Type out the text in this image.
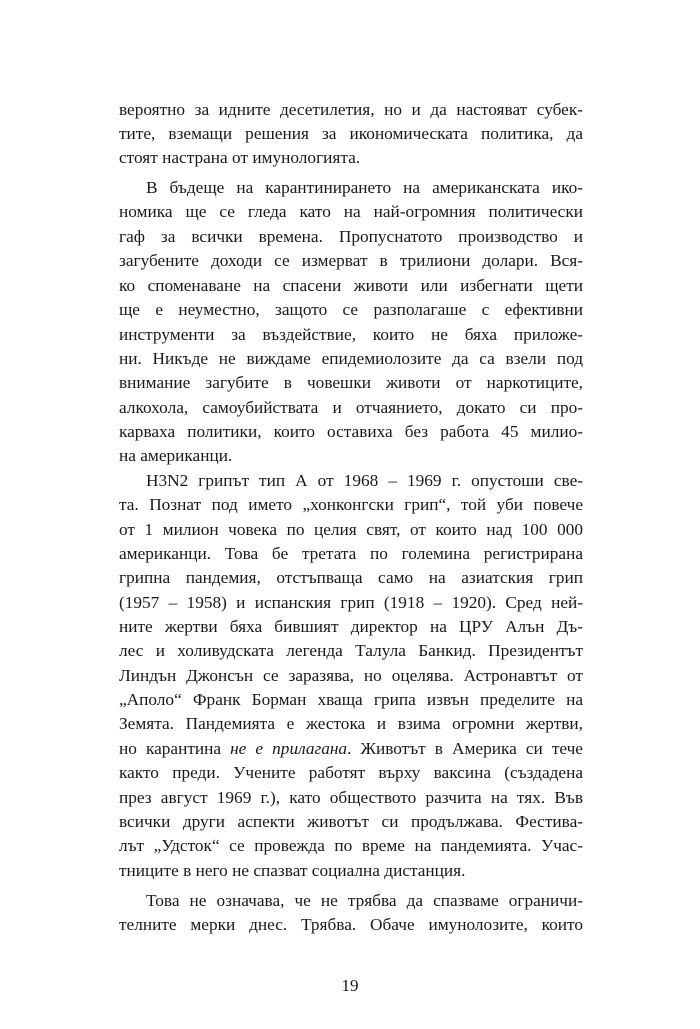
вероятно за идните десетилетия, но и да настояват субек-
тите, вземащи решения за икономическата политика, да
стоят настрана от имунологията.
В бъдеще на карантинирането на американската ико-
номика ще се гледа като на най-огромния политически
гаф за всички времена. Пропуснатото производство и
загубените доходи се измерват в трилиони долари. Вся-
ко споменаване на спасени животи или избегнати щети
ще е неуместно, защото се разполагаше с ефективни
инструменти за въздействие, които не бяха приложе-
ни. Никъде не виждаме епидемиолозите да са взели под
внимание загубите в човешки животи от наркотиците,
алкохола, самоубийствата и отчаянието, докато си про-
карваха политики, които оставиха без работа 45 милио-
на американци.
H3N2 грипът тип А от 1968 – 1969 г. опустоши све-
та. Познат под името „хонконгски грип“, той уби повече
от 1 милион човека по целия свят, от които над 100 000
американци. Това бе третата по големина регистрирана
грипна пандемия, отстъпваща само на азиатския грип
(1957 – 1958) и испанския грип (1918 – 1920). Сред ней-
ните жертви бяха бившият директор на ЦРУ Алън Дъ-
лес и холивудската легенда Талула Банкид. Президентът
Линдън Джонсън се заразява, но оцелява. Астронавтът от
„Аполо“ Франк Борман хваща грипа извън пределите на
Земята. Пандемията е жестока и взима огромни жертви,
но карантина не е прилагана. Животът в Америка си тече
както преди. Учените работят върху ваксина (създадена
през август 1969 г.), като обществото разчита на тях. Във
всички други аспекти животът си продължава. Фестива-
лът „Удсток“ се провежда по време на пандемията. Учас-
тниците в него не спазват социална дистанция.
Това не означава, че не трябва да спазваме ограничи-
телните мерки днес. Трябва. Обаче имунолозите, които
19
